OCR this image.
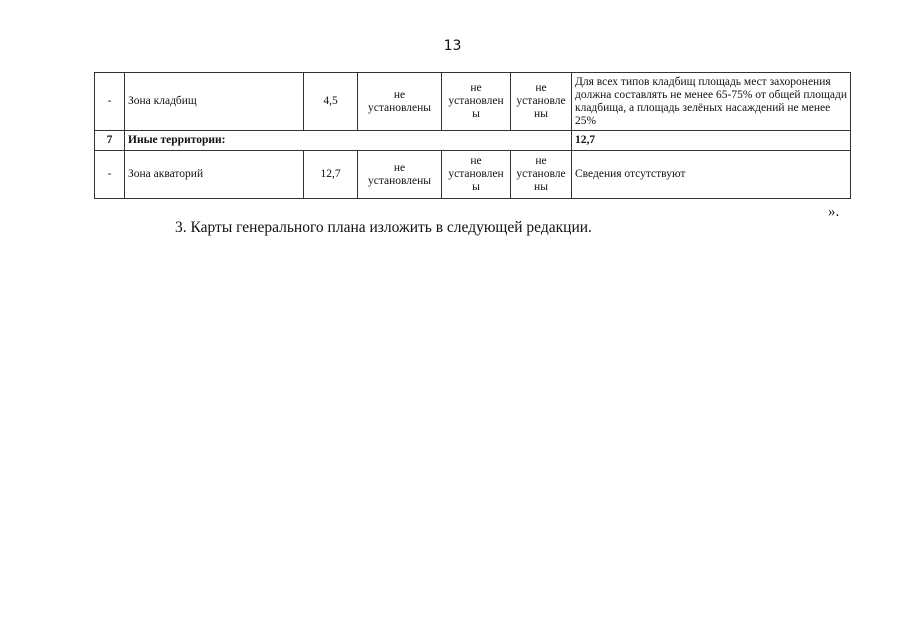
13
-	Зона кладбищ	4,5	не установлены	не установлен ы	не установле ны	Для всех типов кладбищ площадь мест захоронения должна составлять не менее 65-75% от общей площади кладбища, а площадь зелёных насаждений не менее 25%
7	Иные территории:					12,7
-	Зона акваторий	12,7	не установлены	не установлен ы	не установле ны	Сведения отсутствуют
».
3. Карты генерального плана изложить в следующей редакции.
